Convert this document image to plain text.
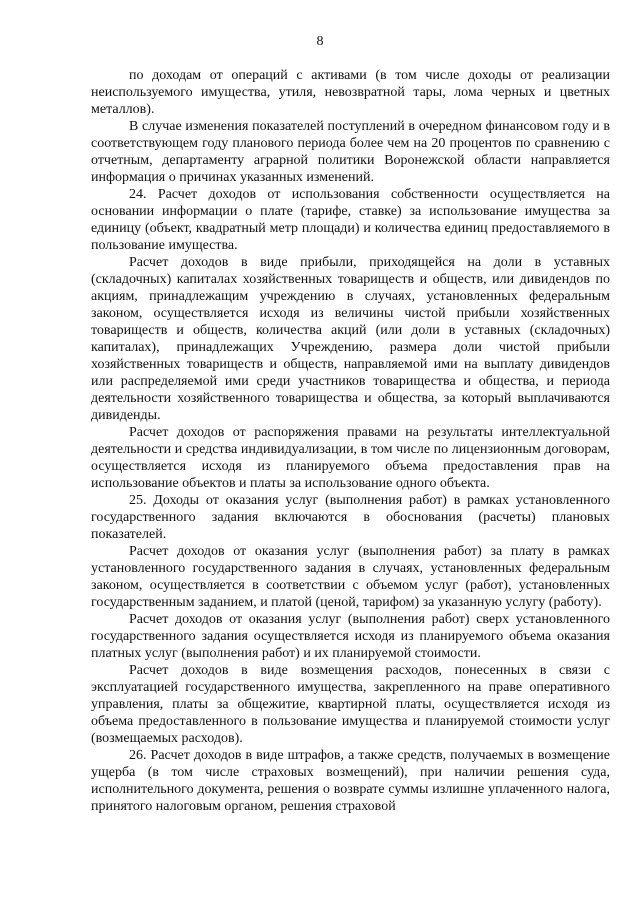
8

по доходам от операций с активами (в том числе доходы от реализации неиспользуемого имущества, утиля, невозвратной тары, лома черных и цветных металлов).

В случае изменения показателей поступлений в очередном финансовом году и в соответствующем году планового периода более чем на 20 процентов по сравнению с отчетным, департаменту аграрной политики Воронежской области направляется информация о причинах указанных изменений.

24. Расчет доходов от использования собственности осуществляется на основании информации о плате (тарифе, ставке) за использование имущества за единицу (объект, квадратный метр площади) и количества единиц предоставляемого в пользование имущества.

Расчет доходов в виде прибыли, приходящейся на доли в уставных (складочных) капиталах хозяйственных товариществ и обществ, или дивидендов по акциям, принадлежащим учреждению в случаях, установленных федеральным законом, осуществляется исходя из величины чистой прибыли хозяйственных товариществ и обществ, количества акций (или доли в уставных (складочных) капиталах), принадлежащих Учреждению, размера доли чистой прибыли хозяйственных товариществ и обществ, направляемой ими на выплату дивидендов или распределяемой ими среди участников товарищества и общества, и периода деятельности хозяйственного товарищества и общества, за который выплачиваются дивиденды.

Расчет доходов от распоряжения правами на результаты интеллектуальной деятельности и средства индивидуализации, в том числе по лицензионным договорам, осуществляется исходя из планируемого объема предоставления прав на использование объектов и платы за использование одного объекта.

25. Доходы от оказания услуг (выполнения работ) в рамках установленного государственного задания включаются в обоснования (расчеты) плановых показателей.

Расчет доходов от оказания услуг (выполнения работ) за плату в рамках установленного государственного задания в случаях, установленных федеральным законом, осуществляется в соответствии с объемом услуг (работ), установленных государственным заданием, и платой (ценой, тарифом) за указанную услугу (работу).

Расчет доходов от оказания услуг (выполнения работ) сверх установленного государственного задания осуществляется исходя из планируемого объема оказания платных услуг (выполнения работ) и их планируемой стоимости.

Расчет доходов в виде возмещения расходов, понесенных в связи с эксплуатацией государственного имущества, закрепленного на праве оперативного управления, платы за общежитие, квартирной платы, осуществляется исходя из объема предоставленного в пользование имущества и планируемой стоимости услуг (возмещаемых расходов).

26. Расчет доходов в виде штрафов, а также средств, получаемых в возмещение ущерба (в том числе страховых возмещений), при наличии решения суда, исполнительного документа, решения о возврате суммы излишне уплаченного налога, принятого налоговым органом, решения страховой
